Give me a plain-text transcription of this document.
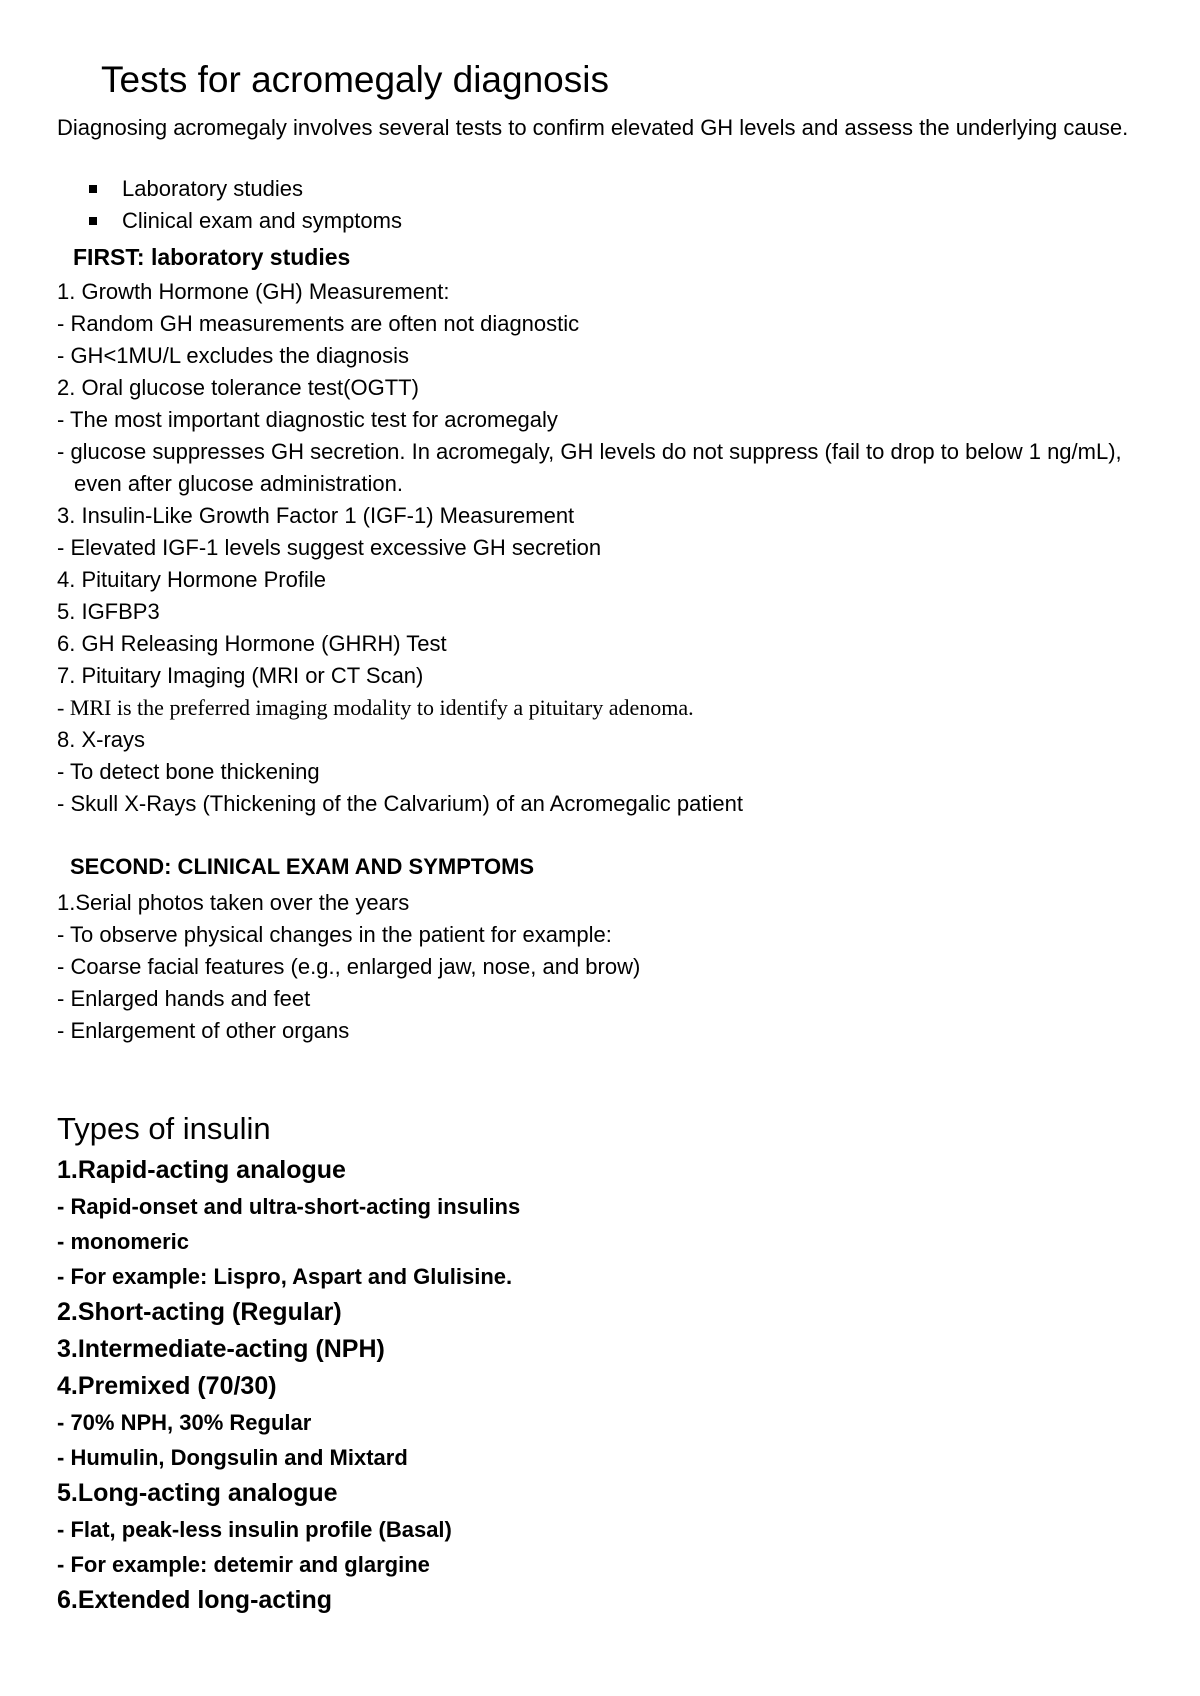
Tests for acromegaly diagnosis

Diagnosing acromegaly involves several tests to confirm elevated GH levels and assess the underlying cause.

Laboratory studies
Clinical exam and symptoms
FIRST: laboratory studies
1. Growth Hormone (GH) Measurement:
- Random GH measurements are often not diagnostic
- GH<1MU/L excludes the diagnosis
2. Oral glucose tolerance test(OGTT)
- The most important diagnostic test for acromegaly
- glucose suppresses GH secretion. In acromegaly, GH levels do not suppress (fail to drop to below 1 ng/mL), even after glucose administration.
3. Insulin-Like Growth Factor 1 (IGF-1) Measurement
- Elevated IGF-1 levels suggest excessive GH secretion
4. Pituitary Hormone Profile
5. IGFBP3
6. GH Releasing Hormone (GHRH) Test
7. Pituitary Imaging (MRI or CT Scan)
- MRI is the preferred imaging modality to identify a pituitary adenoma.
8. X-rays
- To detect bone thickening
- Skull X-Rays (Thickening of the Calvarium) of an Acromegalic patient
SECOND: CLINICAL EXAM AND SYMPTOMS
1.Serial photos taken over the years
- To observe physical changes in the patient for example:
- Coarse facial features (e.g., enlarged jaw, nose, and brow)
- Enlarged hands and feet
- Enlargement of other organs
Types of insulin
1.Rapid-acting analogue
- Rapid-onset and ultra-short-acting insulins
- monomeric
- For example: Lispro, Aspart and Glulisine.
2.Short-acting (Regular)
3.Intermediate-acting (NPH)
4.Premixed (70/30)
- 70% NPH, 30% Regular
- Humulin, Dongsulin and Mixtard
5.Long-acting analogue
- Flat, peak-less insulin profile (Basal)
- For example: detemir and glargine
6.Extended long-acting
